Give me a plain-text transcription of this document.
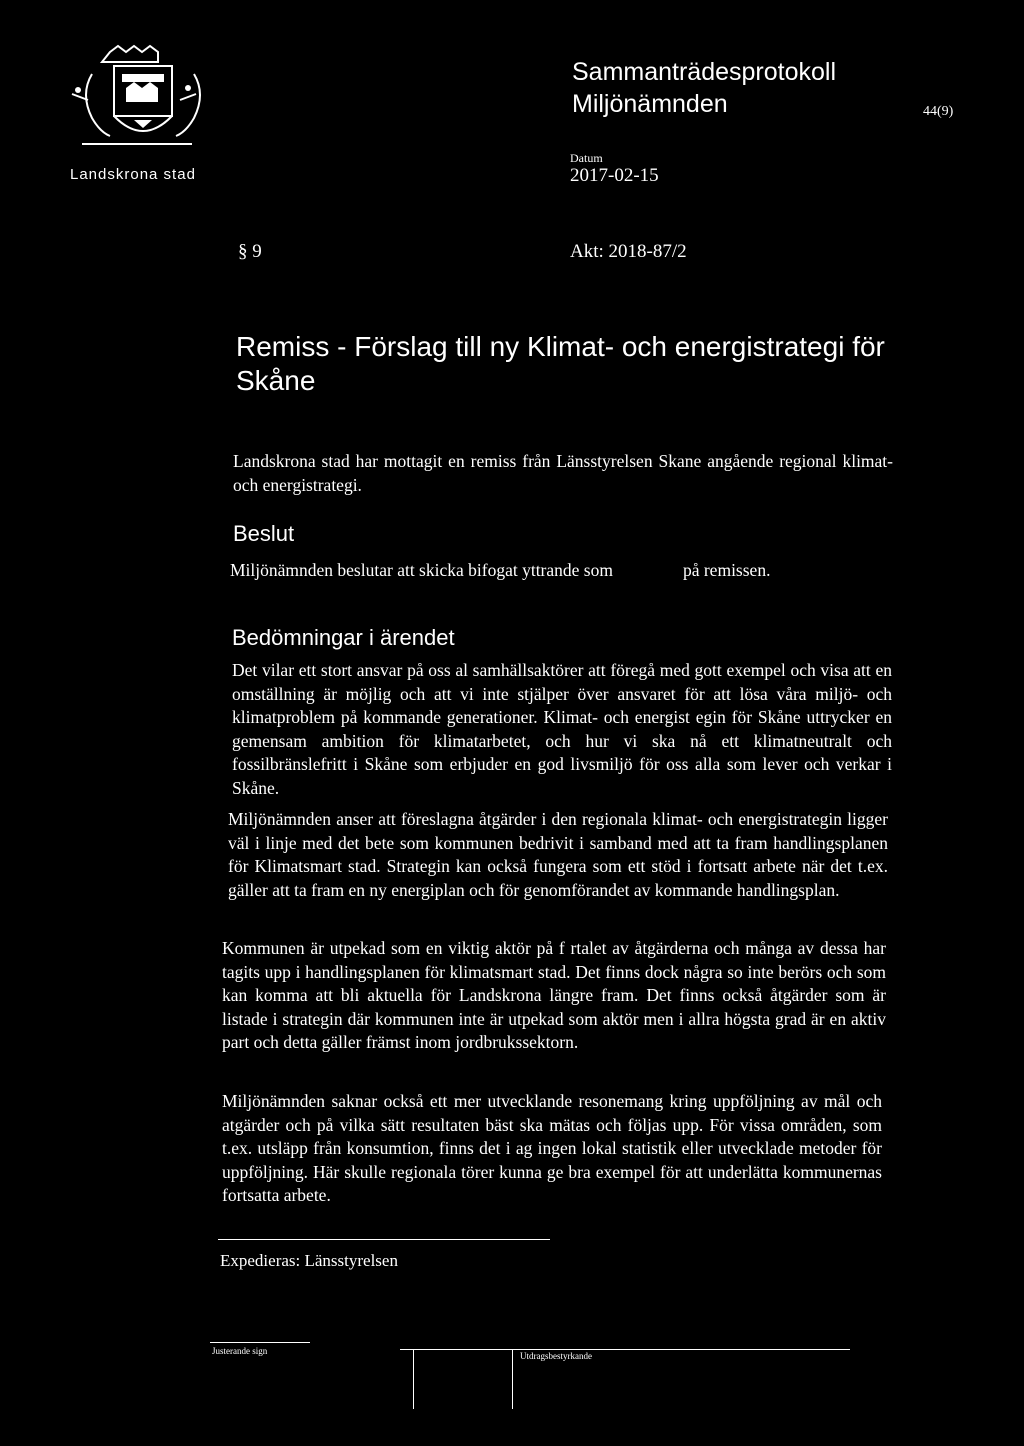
Landskrona stad
Sammanträdesprotokoll
Miljönämnden	44(9)
Datum
2017-02-15
§ 9	Akt: 2018-87/2
Remiss - Förslag till ny Klimat- och energistrategi för Skåne
Landskrona stad har mottagit en remiss från Länsstyrelsen Skane angående regional klimat- och energistrategi.
Beslut
Miljönämnden beslutar att skicka bifogat yttrande som                på remissen.
Bedömningar i ärendet
Det vilar ett stort ansvar på oss al samhällsaktörer att föregå med gott exempel och visa att en omställning är möjlig och att vi inte stjälper över ansvaret för att lösa våra miljö- och klimatproblem på kommande generationer. Klimat- och energist egin för Skåne uttrycker en gemensam ambition för klimatarbetet, och hur vi ska nå ett klimatneutralt och fossilbränslefritt i Skåne som erbjuder en god livsmiljö för oss alla som lever och verkar i Skåne.
Miljönämnden anser att föreslagna åtgärder i den regionala klimat- och energistrategin ligger väl i linje med det bete som kommunen bedrivit i samband med att ta fram handlingsplanen för Klimatsmart stad. Strategin kan också fungera som ett stöd i fortsatt arbete när det t.ex. gäller att ta fram en ny energiplan och för genomförandet av kommande handlingsplan.
Kommunen är utpekad som en viktig aktör på f rtalet av åtgärderna och många av dessa har tagits upp i handlingsplanen för klimatsmart stad. Det finns dock några so inte berörs och som kan komma att bli aktuella för Landskrona längre fram. Det finns också åtgärder som är listade i strategin där kommunen inte är utpekad som aktör men i allra högsta grad är en aktiv part och detta gäller främst inom jordbrukssektorn.
Miljönämnden saknar också ett mer utvecklande resonemang kring uppföljning av mål och atgärder och på vilka sätt resultaten bäst ska mätas och följas upp. För vissa områden, som t.ex. utsläpp från konsumtion, finns det i ag ingen lokal statistik eller utvecklade metoder för uppföljning. Här skulle regionala törer kunna ge bra exempel för att underlätta kommunernas fortsatta arbete.
Expedieras: Länsstyrelsen
Justerande sign	Utdragsbestyrkande
